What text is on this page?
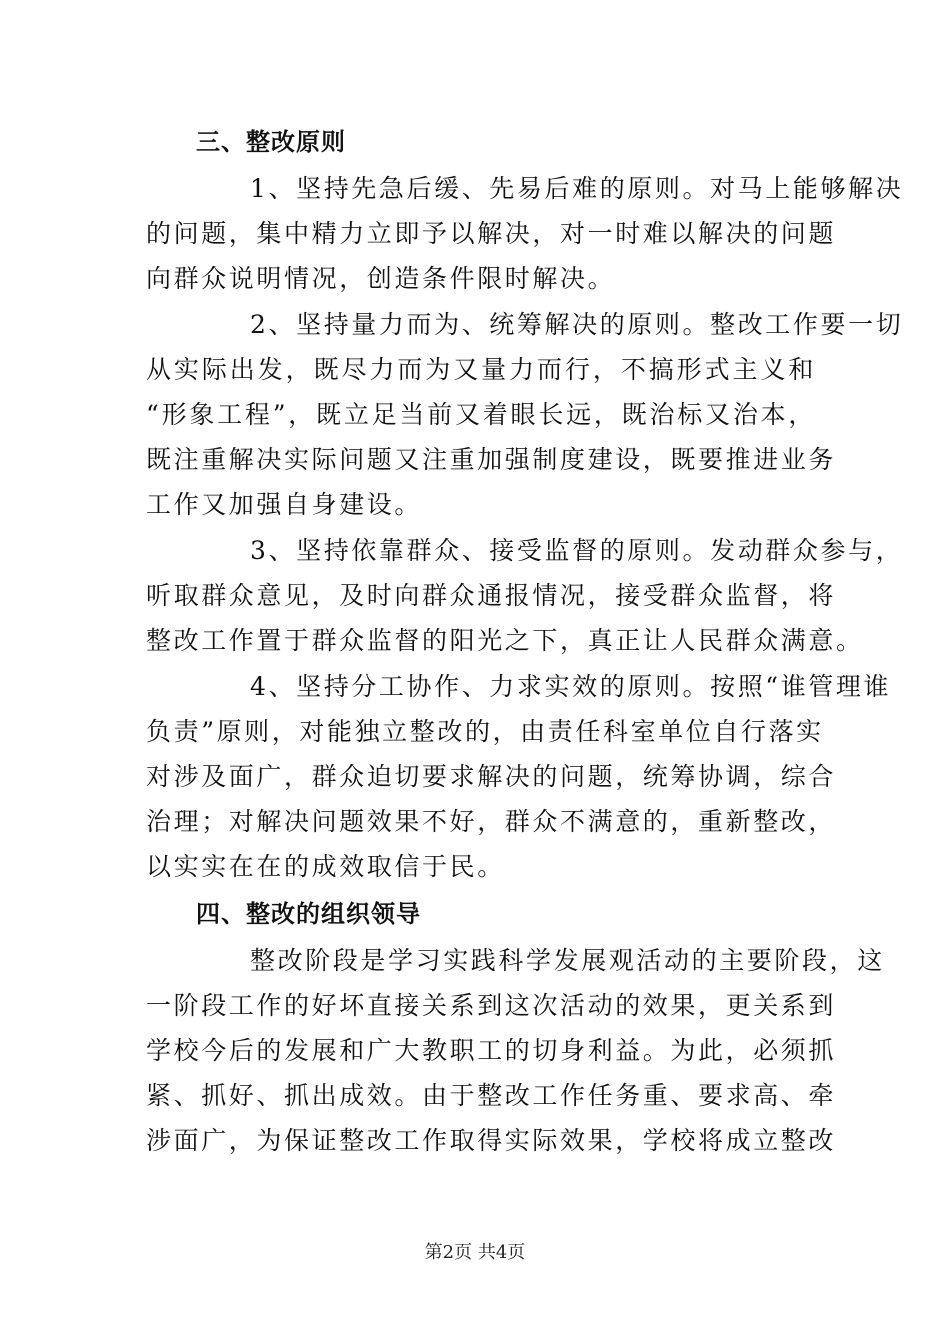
三、整改原则
1、坚持先急后缓、先易后难的原则。对马上能够解决
的问题，集中精力立即予以解决，对一时难以解决的问题
向群众说明情况，创造条件限时解决。
2、坚持量力而为、统筹解决的原则。整改工作要一切
从实际出发，既尽力而为又量力而行，不搞形式主义和
“形象工程”，既立足当前又着眼长远，既治标又治本，
既注重解决实际问题又注重加强制度建设，既要推进业务
工作又加强自身建设。
3、坚持依靠群众、接受监督的原则。发动群众参与，
听取群众意见，及时向群众通报情况，接受群众监督，将
整改工作置于群众监督的阳光之下，真正让人民群众满意。
4、坚持分工协作、力求实效的原则。按照“谁管理谁
负责”原则，对能独立整改的，由责任科室单位自行落实
对涉及面广，群众迫切要求解决的问题，统筹协调，综合
治理；对解决问题效果不好，群众不满意的，重新整改，
以实实在在的成效取信于民。
四、整改的组织领导
整改阶段是学习实践科学发展观活动的主要阶段，这
一阶段工作的好坏直接关系到这次活动的效果，更关系到
学校今后的发展和广大教职工的切身利益。为此，必须抓
紧、抓好、抓出成效。由于整改工作任务重、要求高、牵
涉面广，为保证整改工作取得实际效果，学校将成立整改
第2页 共4页
